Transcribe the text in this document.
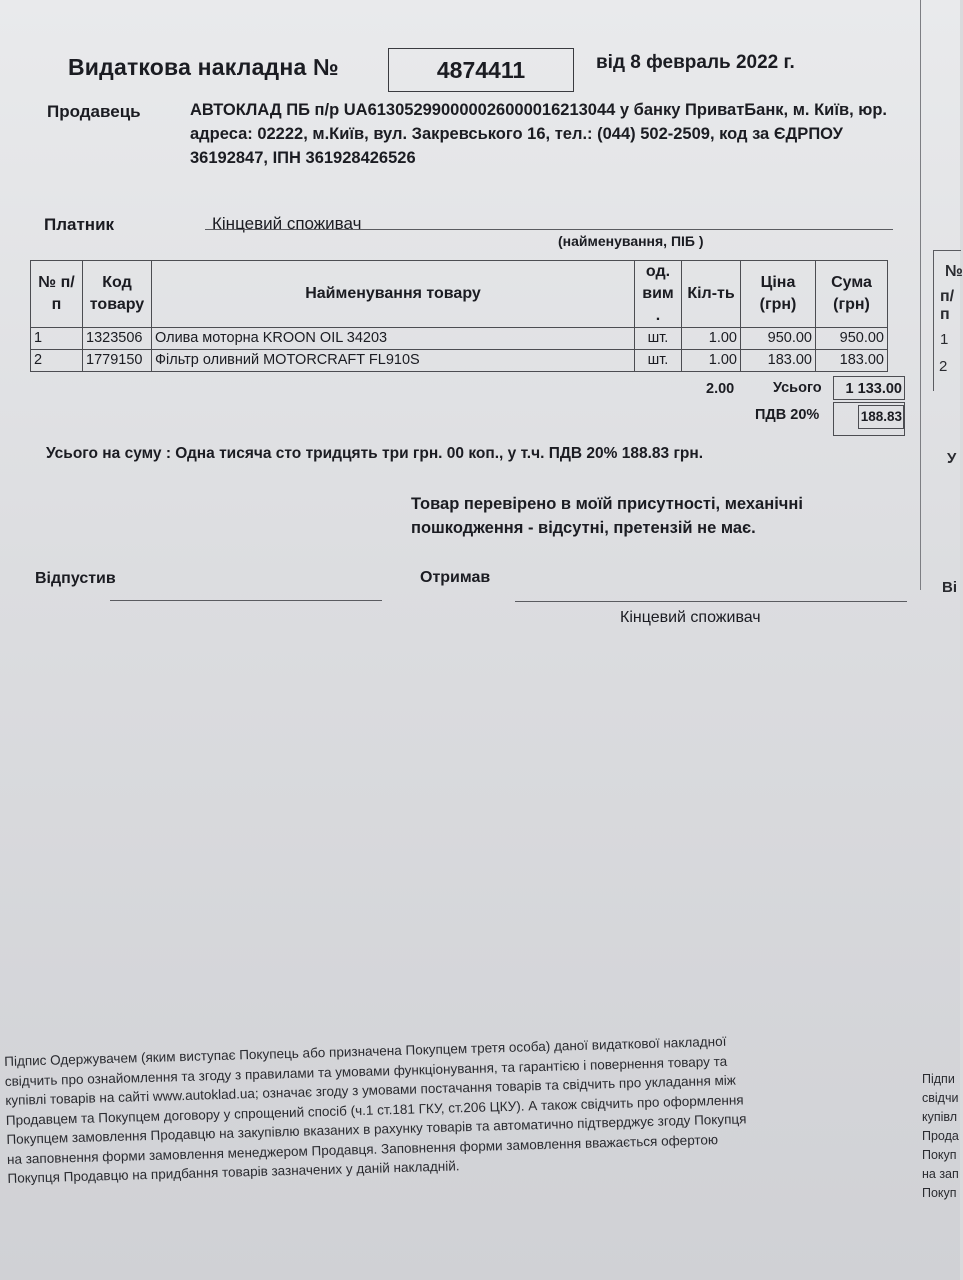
Видаткова накладна №	4874411	від 8 февраль 2022 г.
Продавець	АВТОКЛАД ПБ п/р UA613052990000026000016213044 у банку ПриватБанк, м. Київ, юр. адреса: 02222, м.Київ, вул. Закревського 16, тел.: (044) 502-2509, код за ЄДРПОУ 36192847, ІПН 361928426526
Платник	Кінцевий споживач
(найменування, ПІБ )
№ п/п	Код товару	Найменування товару	од. вим .	Кіл-ть	Ціна (грн)	Сума (грн)
1	1323506	Олива моторна KROON OIL 34203	шт.	1.00	950.00	950.00
2	1779150	Фільтр оливний MOTORCRAFT FL910S	шт.	1.00	183.00	183.00
2.00	Усього	1 133.00
ПДВ 20%	188.83
Усього на суму : Одна тисяча сто тридцять три грн. 00 коп., у т.ч. ПДВ 20% 188.83 грн.
Товар перевірено в моїй присутності, механічні
пошкодження - відсутні, претензій не має.
Відпустив	Отримав
Кінцевий споживач
Підпис Одержувачем (яким виступає Покупець або призначена Покупцем третя особа) даної видаткової накладної
свідчить про ознайомлення та згоду з правилами та умовами функціонування, та гарантією і повернення товару та
купівлі товарів на сайті www.autoklad.ua; означає згоду з умовами постачання товарів та свідчить про укладання між
Продавцем та Покупцем договору у спрощений спосіб (ч.1 ст.181 ГКУ, ст.206 ЦКУ). А також свідчить про оформлення
Покупцем замовлення Продавцю на закупівлю вказаних в рахунку товарів та автоматично підтверджує згоду Покупця
на заповнення форми замовлення менеджером Продавця. Заповнення форми замовлення вважається офертою
Покупця Продавцю на придбання товарів зазначених у даній накладній.
№
п/п
1
2
У
Ві
Підпи
свідчи
купівл
Прода
Покуп
на зап
Покуп
